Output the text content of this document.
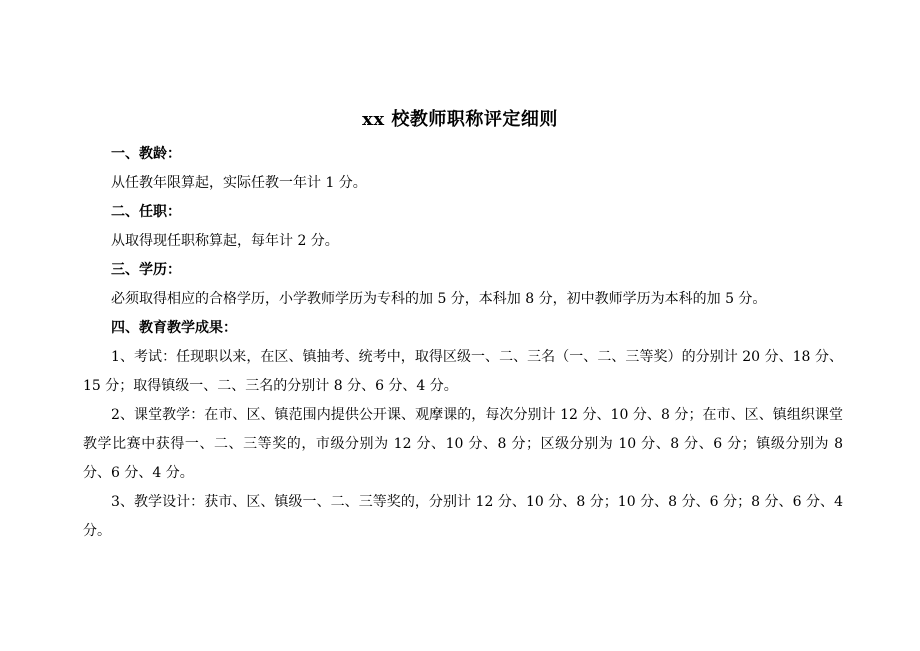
xx 校教师职称评定细则
一、教龄：
从任教年限算起，实际任教一年计 1 分。
二、任职：
从取得现任职称算起，每年计 2 分。
三、学历：
必须取得相应的合格学历，小学教师学历为专科的加 5 分，本科加 8 分，初中教师学历为本科的加 5 分。
四、教育教学成果：
1、考试：任现职以来，在区、镇抽考、统考中，取得区级一、二、三名（一、二、三等奖）的分别计 20 分、18 分、15 分；取得镇级一、二、三名的分别计 8 分、6 分、4 分。
2、课堂教学：在市、区、镇范围内提供公开课、观摩课的，每次分别计 12 分、10 分、8 分；在市、区、镇组织课堂教学比赛中获得一、二、三等奖的，市级分别为 12 分、10 分、8 分；区级分别为 10 分、8 分、6 分；镇级分别为 8 分、6 分、4 分。
3、教学设计：获市、区、镇级一、二、三等奖的，分别计 12 分、10 分、8 分；10 分、8 分、6 分；8 分、6 分、4 分。
